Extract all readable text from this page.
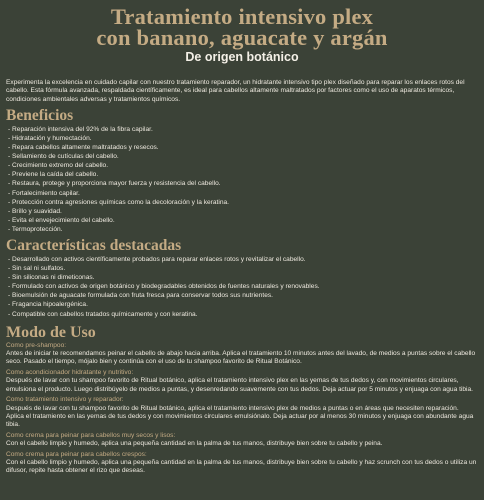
Tratamiento intensivo plex
con banano, aguacate y argán
De origen botánico

Experimenta la excelencia en cuidado capilar con nuestro tratamiento reparador, un hidratante intensivo tipo plex diseñado para reparar los enlaces rotos del cabello. Esta fórmula avanzada, respaldada científicamente, es ideal para cabellos altamente maltratados por factores como el uso de aparatos térmicos, condiciones ambientales adversas y tratamientos químicos.

Beneficios
- Reparación intensiva del 92% de la fibra capilar.
- Hidratación y humectación.
- Repara cabellos altamente maltratados y resecos.
- Sellamiento de cutículas del cabello.
- Crecimiento extremo del cabello.
- Previene la caída del cabello.
- Restaura, protege y proporciona mayor fuerza y resistencia del cabello.
- Fortalecimiento capilar.
- Protección contra agresiones químicas como la decoloración y la keratina.
- Brillo y suavidad.
- Evita el envejecimiento del cabello.
- Termoprotección.
Características destacadas
- Desarrollado con activos científicamente probados para reparar enlaces rotos y revitalizar el cabello.
- Sin sal ni sulfatos.
- Sin siliconas ni dimeticonas.
- Formulado con activos de origen botánico y biodegradables obtenidos de fuentes naturales y renovables.
- Bioemulsión de aguacate formulada con fruta fresca para conservar todos sus nutrientes.
- Fragancia hipoalergénica.
- Compatible con cabellos tratados químicamente y con keratina.
Modo de Uso
Como pre-shampoo:
Antes de iniciar te recomendamos peinar el cabello de abajo hacia arriba. Aplica el tratamiento 10 minutos antes del lavado, de medios a puntas sobre el cabello seco. Pasado el tiempo, mójalo bien y continúa con el uso de tu shampoo favorito de Ritual Botánico.
Como acondicionador hidratante y nutritivo:
Después de lavar con tu shampoo favorito de Ritual botánico, aplica el tratamiento intensivo plex en las yemas de tus dedos y, con movimientos circulares, emulsiona el producto. Luego distribúyelo de medios a puntas, y desenredando suavemente con tus dedos. Deja actuar por 5 minutos y enjuaga con agua tibia.
Como tratamiento intensivo y reparador:
Después de lavar con tu shampoo favorito de Ritual botánico, aplica el tratamiento intensivo plex de medios a puntas o en áreas que necesiten reparación. Aplica el tratamiento en las yemas de tus dedos y con movimientos circulares emulsiónalo. Deja actuar por al menos 30 minutos y enjuaga con abundante agua tibia.
Como crema para peinar para cabellos muy secos y lisos:
Con el cabello limpio y humedo, aplica una pequeña cantidad en la palma de tus manos, distribuye bien sobre tu cabello y peina.
Como crema para peinar para cabellos crespos:
Con el cabello limpio y humedo, aplica una pequeña cantidad en la palma de tus manos, distribuye bien sobre tu cabello y haz scrunch con tus dedos o utiliza un difusor, repite hasta obtener el rizo que deseas.
